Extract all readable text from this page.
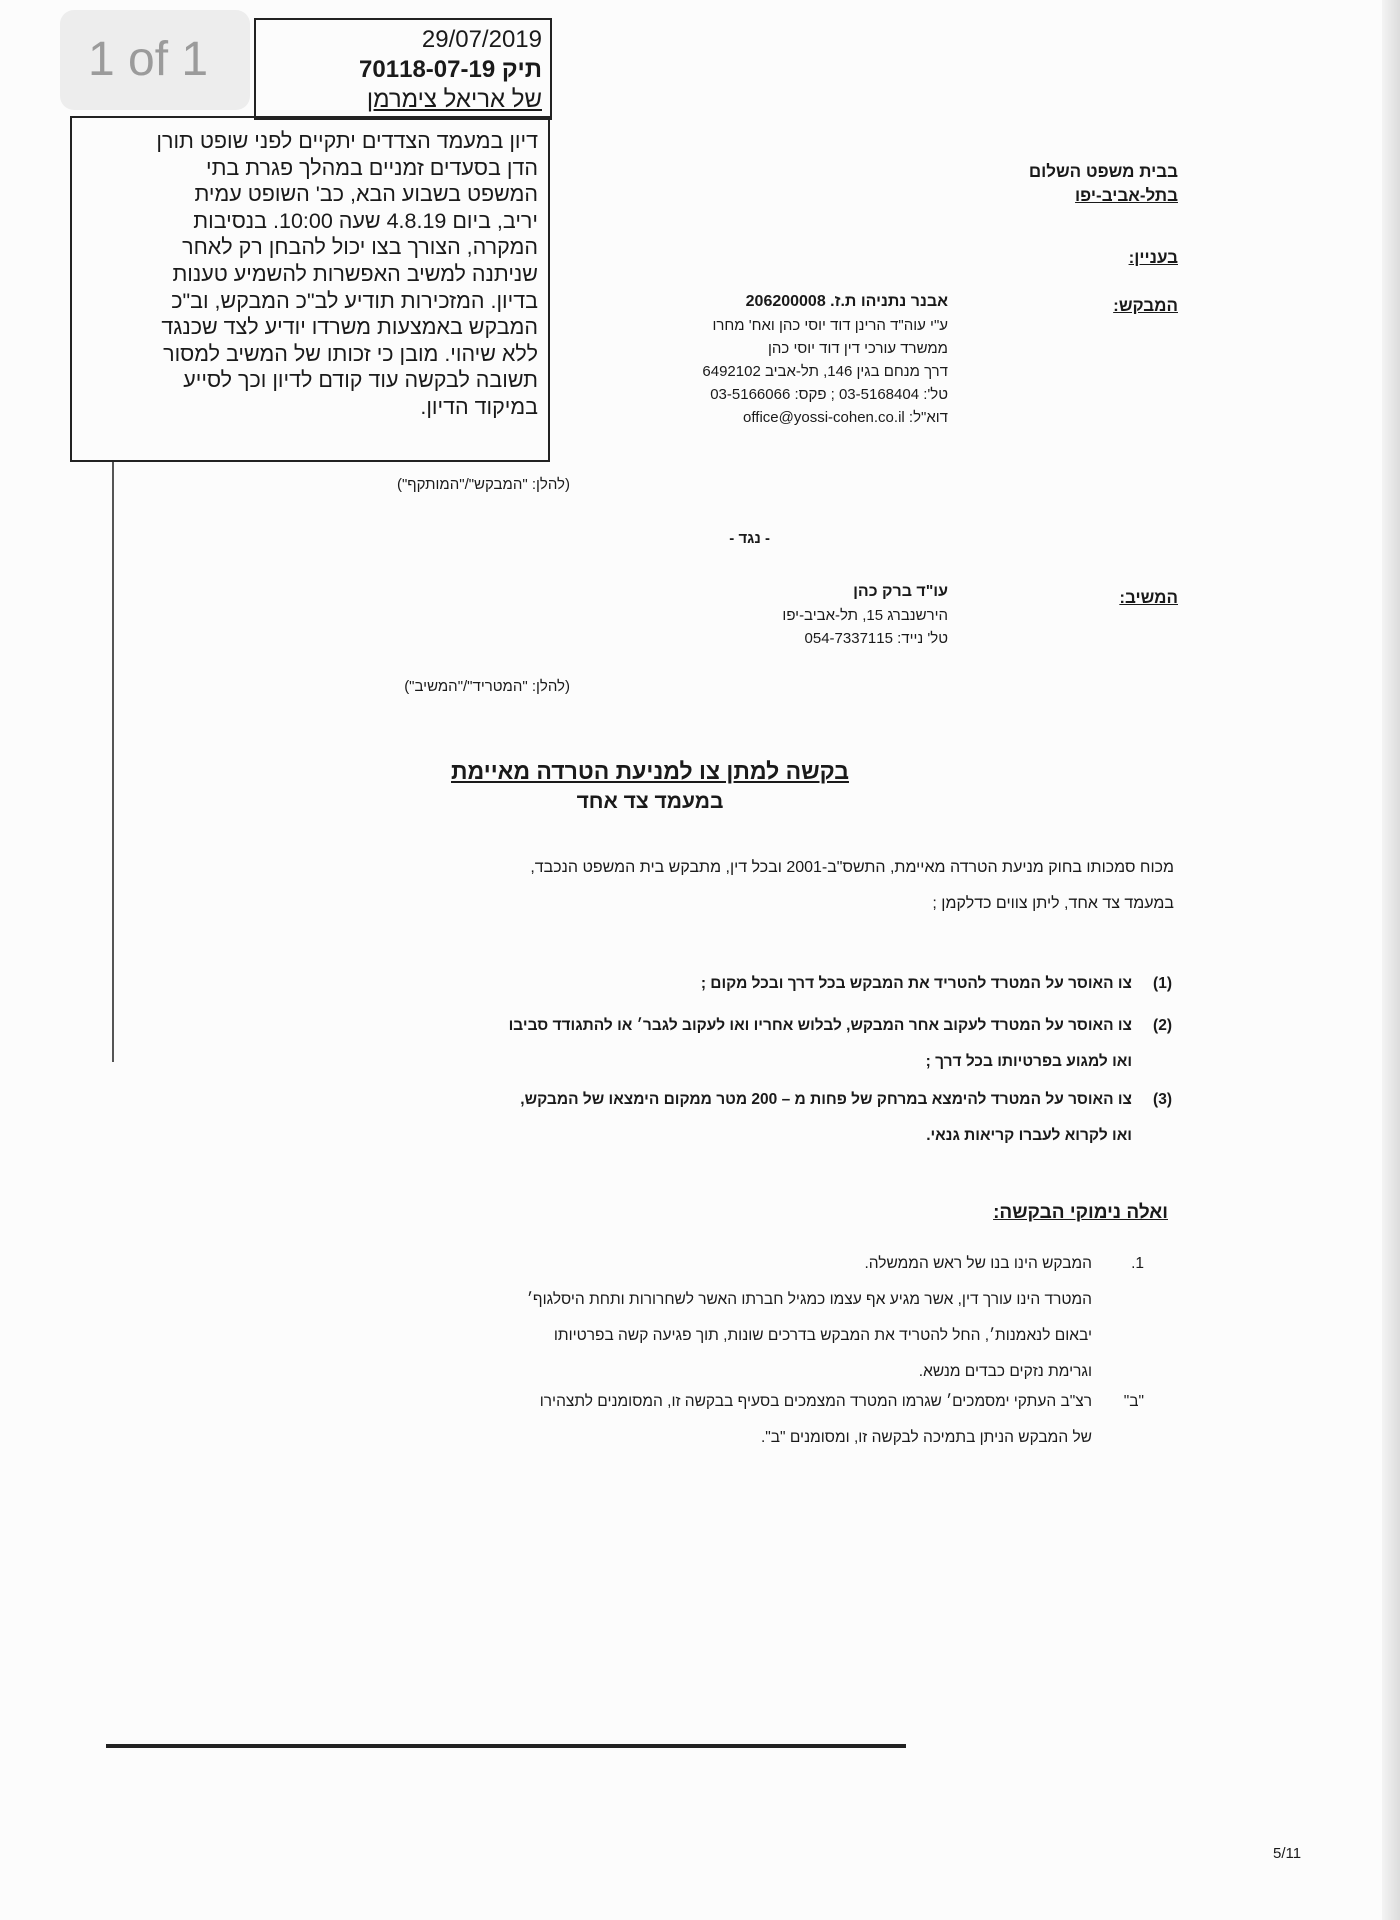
1 of 1	29/07/2019
תיק 70118-07-19
של אריאל צימרמן
דיון במעמד הצדדים יתקיים לפני שופט תורן
הדן בסעדים זמניים במהלך פגרת בתי
המשפט בשבוע הבא, כב' השופט עמית
יריב, ביום 4.8.19 שעה 10:00. בנסיבות
המקרה, הצורך בצו יכול להבחן רק לאחר
שניתנה למשיב האפשרות להשמיע טענות
בדיון. המזכירות תודיע לב"כ המבקש, וב"כ
המבקש באמצעות משרדו יודיע לצד שכנגד
ללא שיהוי. מובן כי זכותו של המשיב למסור
תשובה לבקשה עוד קודם לדיון וכך לסייע
במיקוד הדיון.
בבית משפט השלום
בתל-אביב-יפו
בעניין:
המבקש:
אבנר נתניהו ת.ז. 206200008
ע"י עוה"ד הרינן דוד יוסי כהן ואח' מחרו
ממשרד עורכי דין דוד יוסי כהן
דרך מנחם בגין 146, תל-אביב 6492102
טל': 03-5168404 ; פקס: 03-5166066
דוא"ל: office@yossi-cohen.co.il
(להלן: "המבקש"/"המותקף")
- נגד -
המשיב:
עו"ד ברק כהן
הירשנברג 15, תל-אביב-יפו
טל' נייד: 054-7337115
(להלן: "המטריד"/"המשיב")
בקשה למתן צו למניעת הטרדה מאיימת
במעמד צד אחד
מכוח סמכותו בחוק מניעת הטרדה מאיימת, התשס"ב-2001 ובכל דין, מתבקש בית המשפט הנכבד,
במעמד צד אחד, ליתן צווים כדלקמן ;
(1)
צו האוסר על המטרד להטריד את המבקש בכל דרך ובכל מקום ;
(2)
צו האוסר על המטרד לעקוב אחר המבקש, לבלוש אחריו ואו לעקוב לגבר׳ או להתגודד סביבו
ואו למגוע בפרטיותו בכל דרך ;
(3)
צו האוסר על המטרד להימצא במרחק של פחות מ – 200 מטר ממקום הימצאו של המבקש,
ואו לקרוא לעברו קריאות גנאי.
ואלה נימוקי הבקשה:
1.
המבקש הינו בנו של ראש הממשלה.
המטרד הינו עורך דין, אשר מגיע אף עצמו כמגיל חברתו האשר לשחרורות ותחת היסלגוף׳
יבאום לנאמנות׳, החל להטריד את המבקש בדרכים שונות, תוך פגיעה קשה בפרטיותו
וגרימת נזקים כבדים מנשא.
"ב"
רצ"ב העתקי ימסמכים׳ שגרמו המטרד המצמכים בסעיף בבקשה זו, המסומנים לתצהירו
של המבקש הניתן בתמיכה לבקשה זו, ומסומנים "ב".
5/11
